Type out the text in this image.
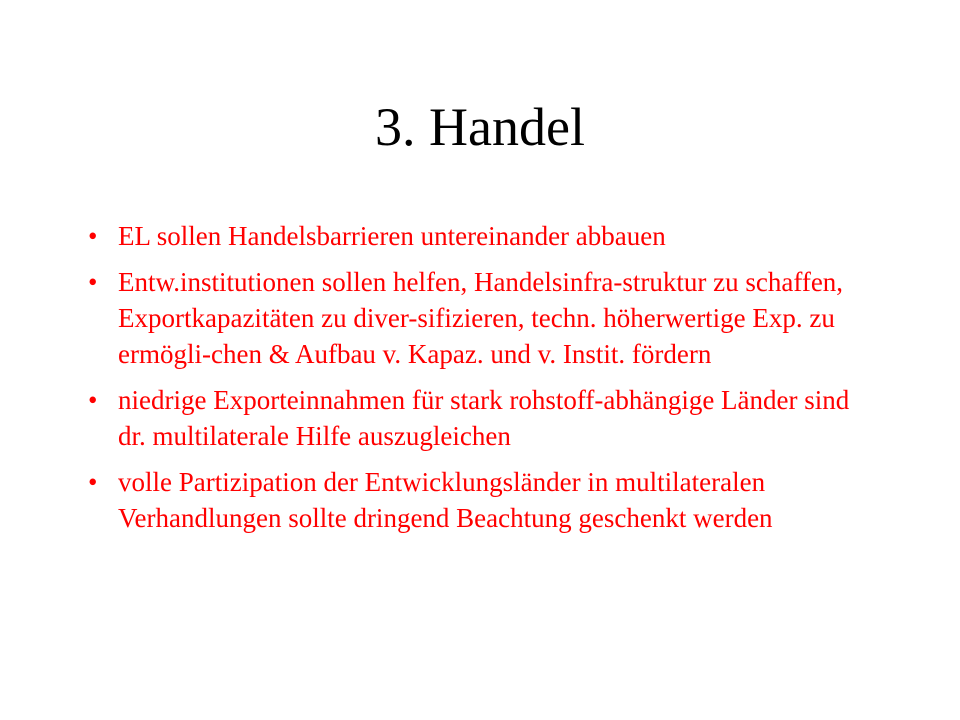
3. Handel
• EL sollen Handelsbarrieren untereinander abbauen
• Entw.institutionen sollen helfen, Handelsinfra-struktur zu schaffen, Exportkapazitäten zu diver-sifizieren, techn. höherwertige Exp. zu ermögli-chen & Aufbau v. Kapaz. und v. Instit. fördern
• niedrige Exporteinnahmen für stark rohstoff-abhängige Länder sind dr. multilaterale Hilfe auszugleichen
• volle Partizipation der Entwicklungsländer in multilateralen Verhandlungen sollte dringend Beachtung geschenkt werden
